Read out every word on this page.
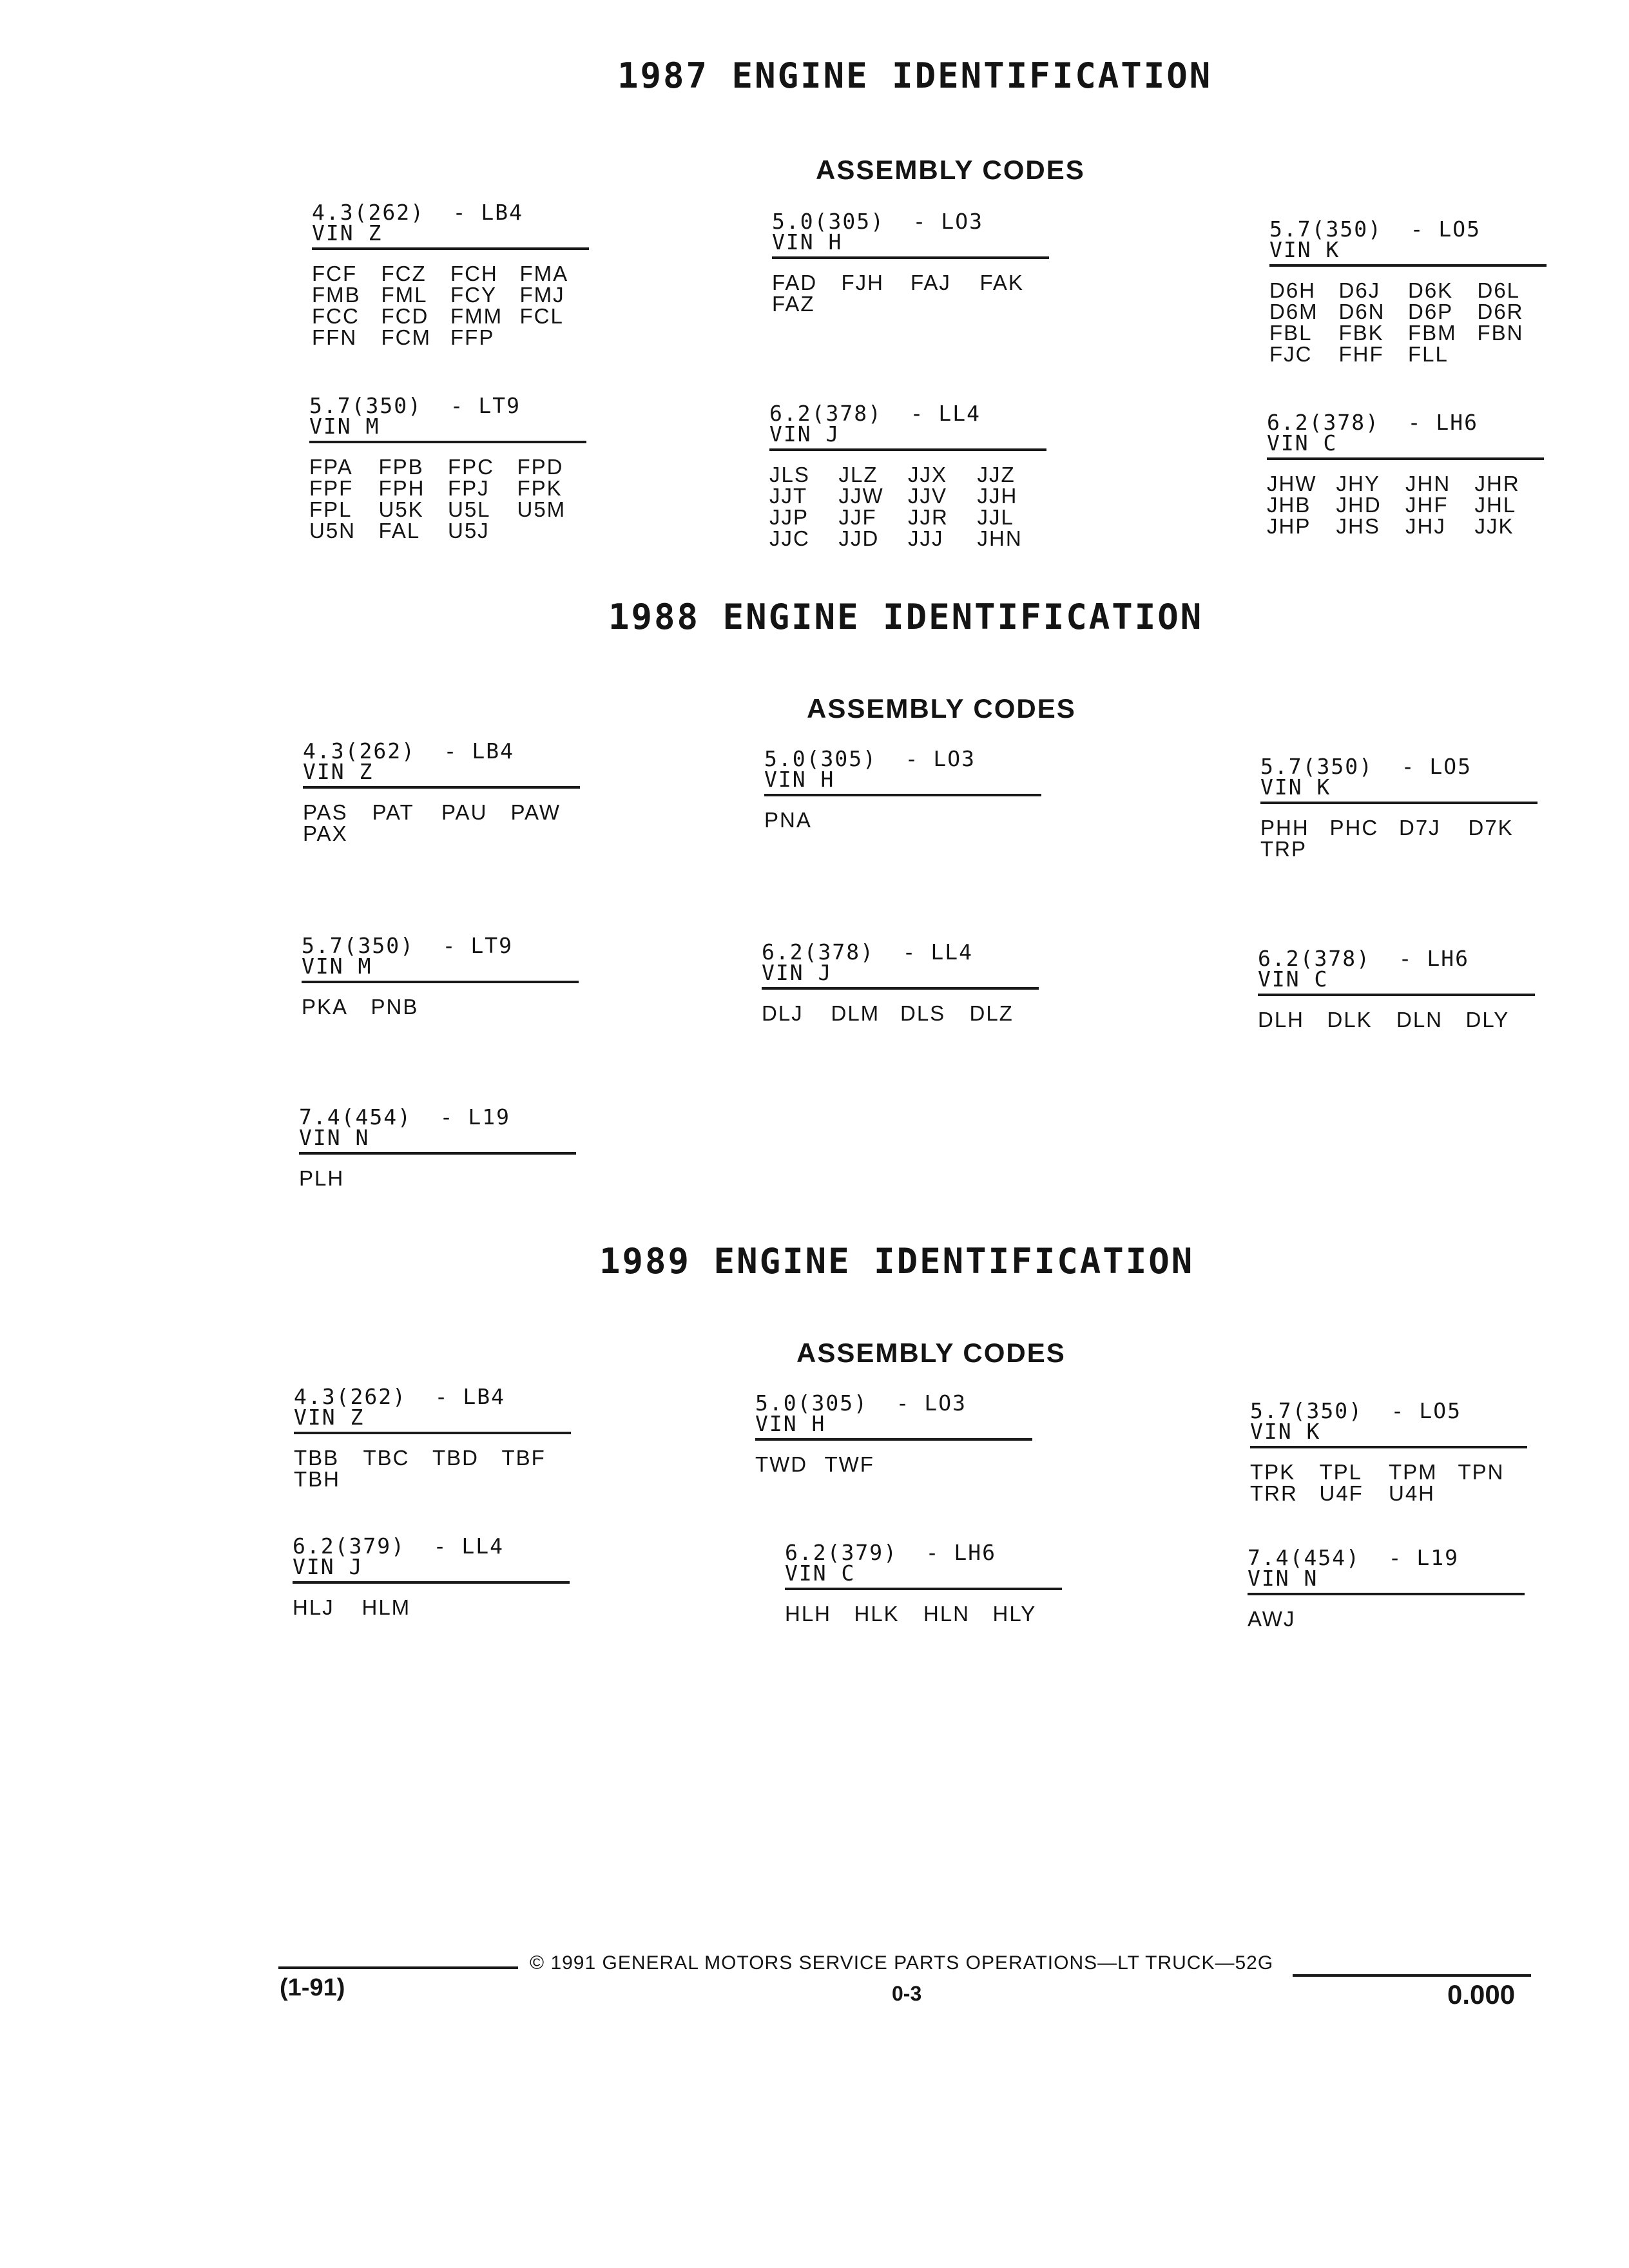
1987 ENGINE IDENTIFICATION
ASSEMBLY CODES
4.3(262)  - LB4
VIN Z
FCF	FCZ	FCH	FMA
FMB FML	FCY	FMJ
FCC	FCD	FMM FCL
FFN	FCM FFP
5.0(305)  - LO3
VIN H
FAD	FJH	FAJ	FAK
FAZ
5.7(350)  - LO5
VIN K
D6H	D6J	D6K	D6L
D6M D6N	D6P	D6R
FBL	FBK	FBM FBN
FJC	FHF	FLL
5.7(350)  - LT9
VIN M
FPA	FPB	FPC	FPD
FPF	FPH	FPJ	FPK
FPL	U5K	U5L	U5M
U5N	FAL	U5J
6.2(378)  - LL4
VIN J
JLS	JLZ	JJX	JJZ
JJT	JJW	JJV	JJH
JJP	JJF	JJR	JJL
JJC	JJD	JJJ	JHN
6.2(378)  - LH6
VIN C
JHW JHY	JHN	JHR
JHB	JHD	JHF	JHL
JHP	JHS	JHJ	JJK
1988 ENGINE IDENTIFICATION
ASSEMBLY CODES
4.3(262)  - LB4
VIN Z
PAS	PAT	PAU	PAW
PAX
5.0(305)  - LO3
VIN H
PNA
5.7(350)  - LO5
VIN K
PHH PHC D7J	D7K
TRP
5.7(350)  - LT9
VIN M
PKA	PNB
6.2(378)  - LL4
VIN J
DLJ	DLM DLS	DLZ
6.2(378)  - LH6
VIN C
DLH	DLK	DLN	DLY
7.4(454)  - L19
VIN N
PLH
1989 ENGINE IDENTIFICATION
ASSEMBLY CODES
4.3(262)  - LB4
VIN Z
TBB	TBC	TBD	TBF
TBH
5.0(305)  - LO3
VIN H
TWD TWF
5.7(350)  - LO5
VIN K
TPK	TPL	TPM TPN
TRR	U4F	U4H
6.2(379)  - LL4
VIN J
HLJ	HLM
6.2(379)  - LH6
VIN C
HLH	HLK	HLN	HLY
7.4(454)  - L19
VIN N
AWJ
© 1991 GENERAL MOTORS SERVICE PARTS OPERATIONS—LT TRUCK—52G
(1-91)	0-3	0.000
